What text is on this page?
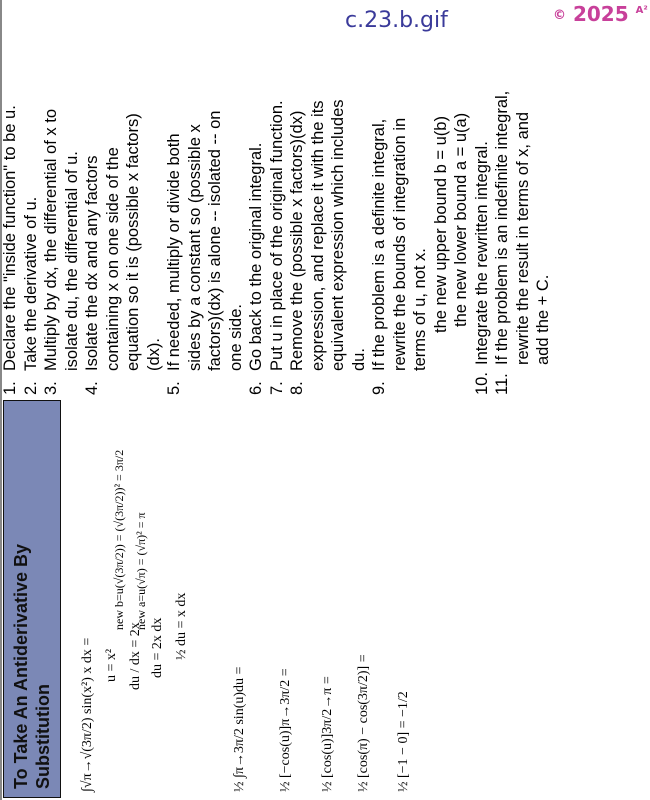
c.23.b.gif	© 2025 $^{A^2}$
To Take An Antiderivative By Substitution ∫√π→√(3π/2) sin(x²) x dx = u = x² du / dx = 2x du = 2x dx ½ du = x dx
new b=u(√(3π/2)) = (√(3π/2))² = 3π/2 new a=u(√π) = (√π)² = π
½ ∫π→3π/2 sin(u)du = ½ [−cos(u)]π→3π/2 = ½ [cos(u)]3π/2→π = ½ [cos(π) − cos(3π/2)] = ½ [−1 − 0] = −1/2
1.
Declare the "inside function" to be u.
2.
Take the derivative of u.
3.
Multiply by dx, the differential of x to isolate du, the differential of u.
4.
Isolate the dx and any factors containing x on one side of the equation so it is (possible x factors) (dx).
5.
If needed, multiply or divide both sides by a constant so (possible x factors)(dx) is alone -- isolated -- on one side.
6.
Go back to the original integral.
7.
Put u in place of the original function.
8.
Remove the (possible x factors)(dx) expression, and replace it with the its equivalent expression which includes du.
9.
If the problem is a definite integral, rewrite the bounds of integration in terms of u, not x. the new upper bound b = u(b) the new lower bound a = u(a)
10.
Integrate the rewritten integral.
11.
If the problem is an indefinite integral, rewrite the result in terms of x, and add the + C.
